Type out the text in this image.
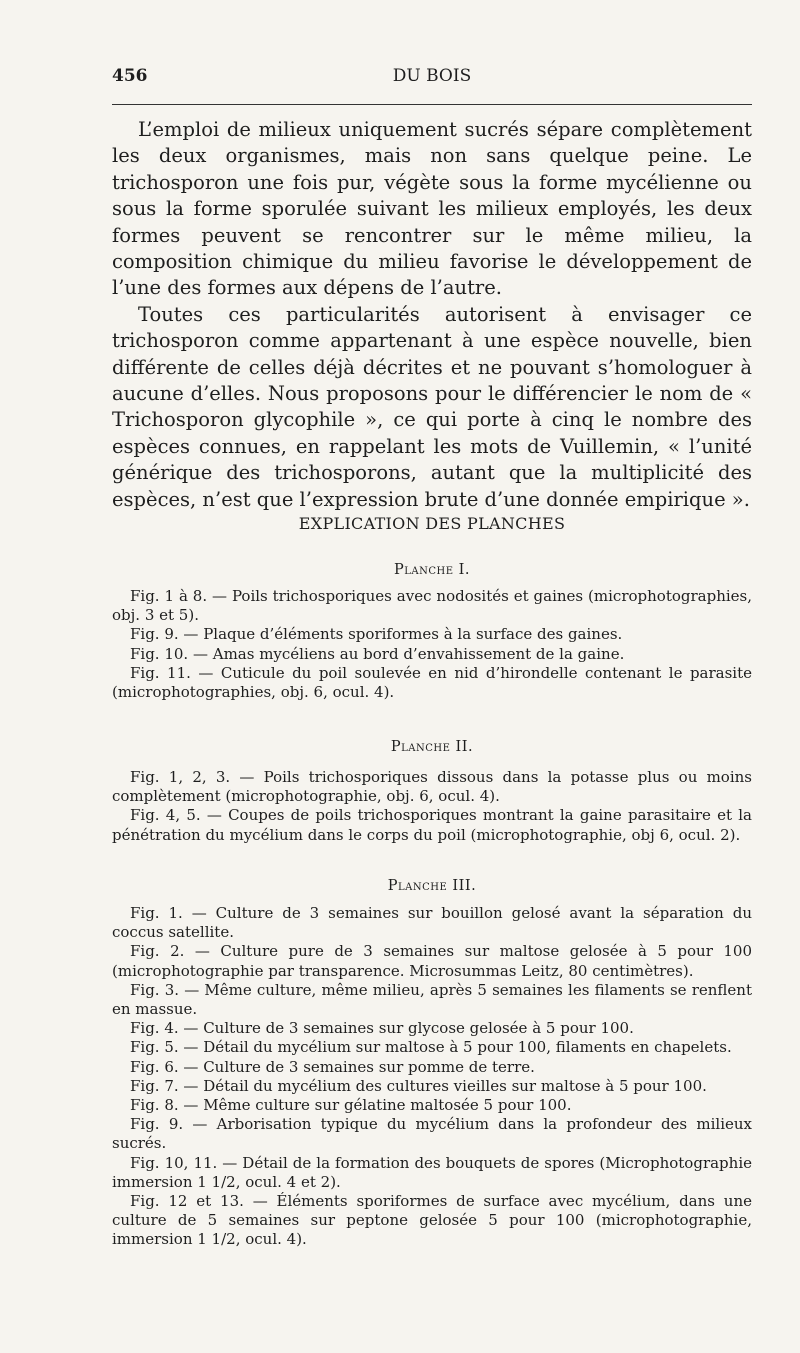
456	DU BOIS

L’emploi de milieux uniquement sucrés sépare complètement les deux organismes, mais non sans quelque peine. Le trichosporon une fois pur, végète sous la forme mycélienne ou sous la forme sporulée suivant les milieux employés, les deux formes peuvent se rencontrer sur le même milieu, la composition chimique du milieu favorise le développement de l’une des formes aux dépens de l’autre.

Toutes ces particularités autorisent à envisager ce trichosporon comme appartenant à une espèce nouvelle, bien différente de celles déjà décrites et ne pouvant s’homologuer à aucune d’elles. Nous proposons pour le différencier le nom de « Trichosporon glycophile », ce qui porte à cinq le nombre des espèces connues, en rappelant les mots de Vuillemin, « l’unité générique des trichosporons, autant que la multiplicité des espèces, n’est que l’expression brute d’une donnée empirique ».

EXPLICATION DES PLANCHES
Planche I.

Fig. 1 à 8. — Poils trichosporiques avec nodosités et gaines (microphotographies, obj. 3 et 5).

Fig. 9. — Plaque d’éléments sporiformes à la surface des gaines.

Fig. 10. — Amas mycéliens au bord d’envahissement de la gaine.

Fig. 11. — Cuticule du poil soulevée en nid d’hirondelle contenant le parasite (microphotographies, obj. 6, ocul. 4).

Planche II.

Fig. 1, 2, 3. — Poils trichosporiques dissous dans la potasse plus ou moins complètement (microphotographie, obj. 6, ocul. 4).

Fig. 4, 5. — Coupes de poils trichosporiques montrant la gaine parasitaire et la pénétration du mycélium dans le corps du poil (microphotographie, obj 6, ocul. 2).

Planche III.

Fig. 1. — Culture de 3 semaines sur bouillon gelosé avant la séparation du coccus satellite.

Fig. 2. — Culture pure de 3 semaines sur maltose gelosée à 5 pour 100 (microphotographie par transparence. Microsummas Leitz, 80 centimètres).

Fig. 3. — Même culture, même milieu, après 5 semaines les filaments se renflent en massue.

Fig. 4. — Culture de 3 semaines sur glycose gelosée à 5 pour 100.

Fig. 5. — Détail du mycélium sur maltose à 5 pour 100, filaments en chapelets.

Fig. 6. — Culture de 3 semaines sur pomme de terre.

Fig. 7. — Détail du mycélium des cultures vieilles sur maltose à 5 pour 100.

Fig. 8. — Même culture sur gélatine maltosée 5 pour 100.

Fig. 9. — Arborisation typique du mycélium dans la profondeur des milieux sucrés.

Fig. 10, 11. — Détail de la formation des bouquets de spores (Microphotographie immersion 1 1/2, ocul. 4 et 2).

Fig. 12 et 13. — Éléments sporiformes de surface avec mycélium, dans une culture de 5 semaines sur peptone gelosée 5 pour 100 (microphotographie, immersion 1 1/2, ocul. 4).
